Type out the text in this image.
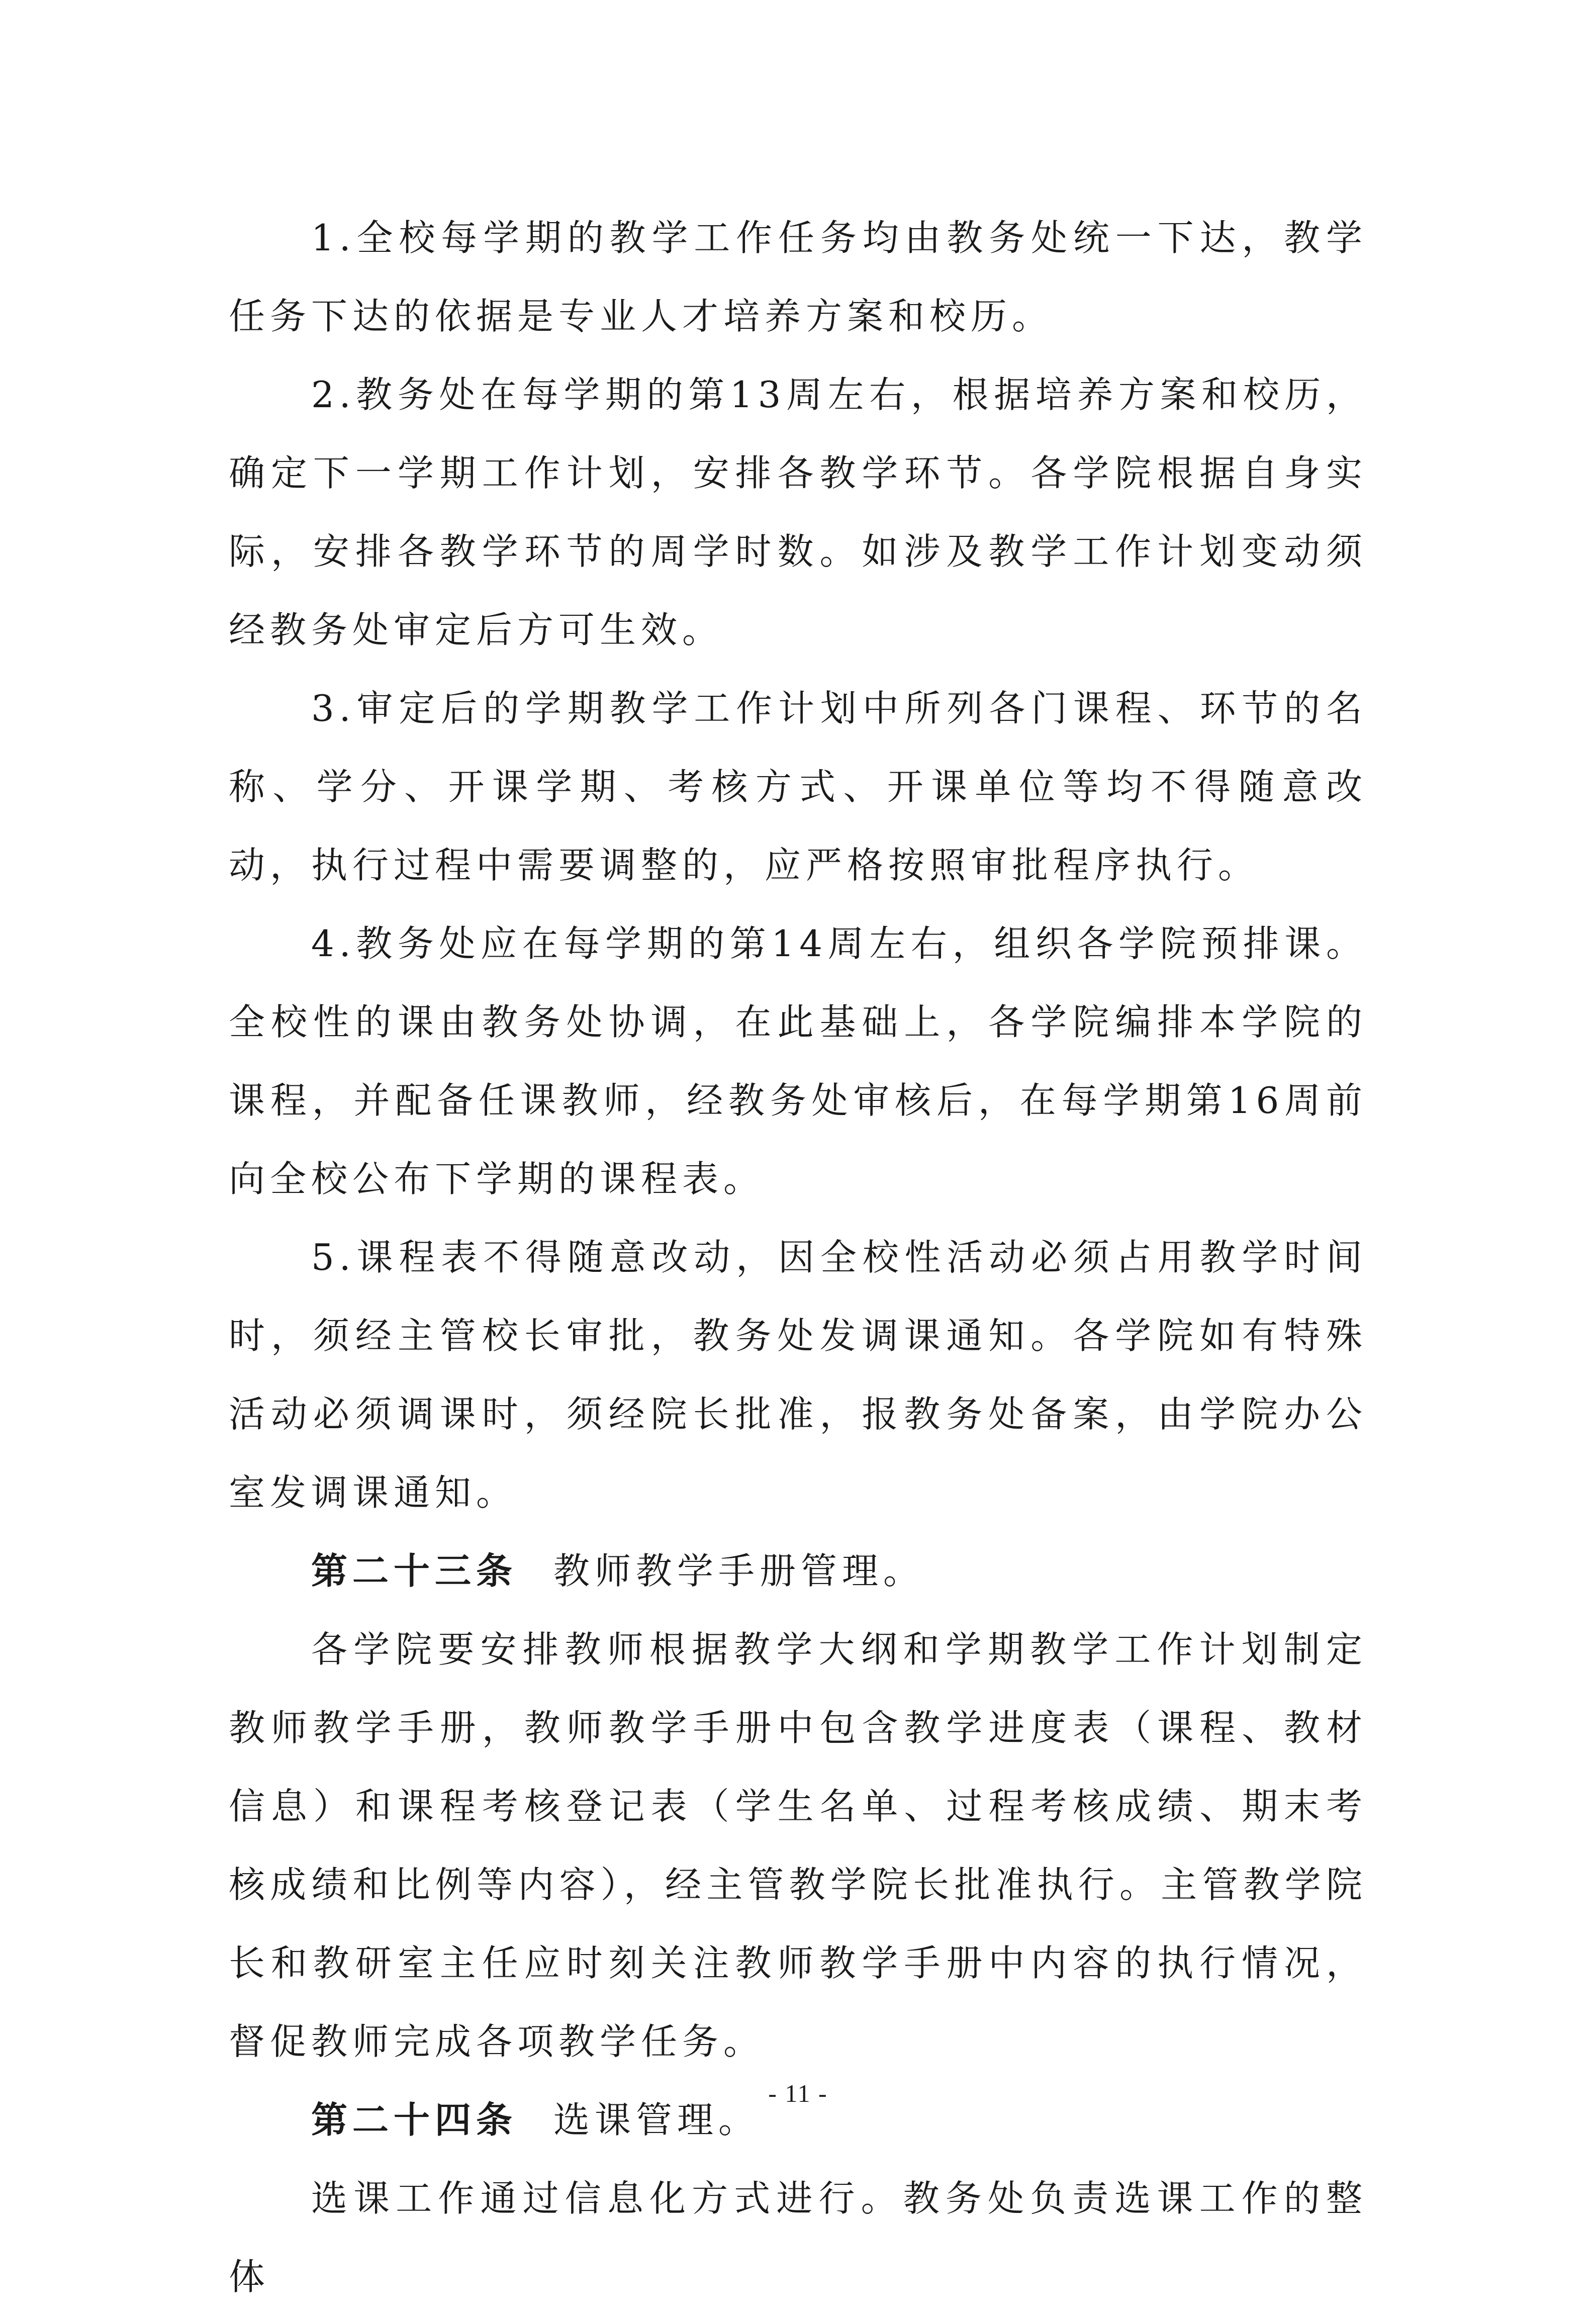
1.全校每学期的教学工作任务均由教务处统一下达，教学任务下达的依据是专业人才培养方案和校历。

2.教务处在每学期的第13周左右，根据培养方案和校历，确定下一学期工作计划，安排各教学环节。各学院根据自身实际，安排各教学环节的周学时数。如涉及教学工作计划变动须经教务处审定后方可生效。

3.审定后的学期教学工作计划中所列各门课程、环节的名称、学分、开课学期、考核方式、开课单位等均不得随意改动，执行过程中需要调整的，应严格按照审批程序执行。

4.教务处应在每学期的第14周左右，组织各学院预排课。全校性的课由教务处协调，在此基础上，各学院编排本学院的课程，并配备任课教师，经教务处审核后，在每学期第16周前向全校公布下学期的课程表。

5.课程表不得随意改动，因全校性活动必须占用教学时间时，须经主管校长审批，教务处发调课通知。各学院如有特殊活动必须调课时，须经院长批准，报教务处备案，由学院办公室发调课通知。

第二十三条 教师教学手册管理。

各学院要安排教师根据教学大纲和学期教学工作计划制定教师教学手册，教师教学手册中包含教学进度表（课程、教材信息）和课程考核登记表（学生名单、过程考核成绩、期末考核成绩和比例等内容），经主管教学院长批准执行。主管教学院长和教研室主任应时刻关注教师教学手册中内容的执行情况，督促教师完成各项教学任务。

第二十四条 选课管理。

选课工作通过信息化方式进行。教务处负责选课工作的整体

- 11 -
